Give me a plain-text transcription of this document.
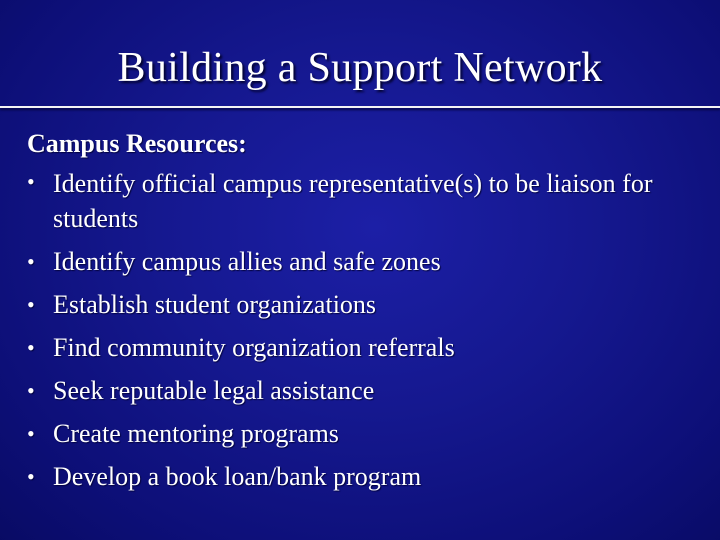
Building a Support Network

Campus Resources:

• Identify official campus representative(s) to be liaison for students
• Identify campus allies and safe zones
• Establish student organizations
• Find community organization referrals
• Seek reputable legal assistance
• Create mentoring programs
• Develop a book loan/bank program
